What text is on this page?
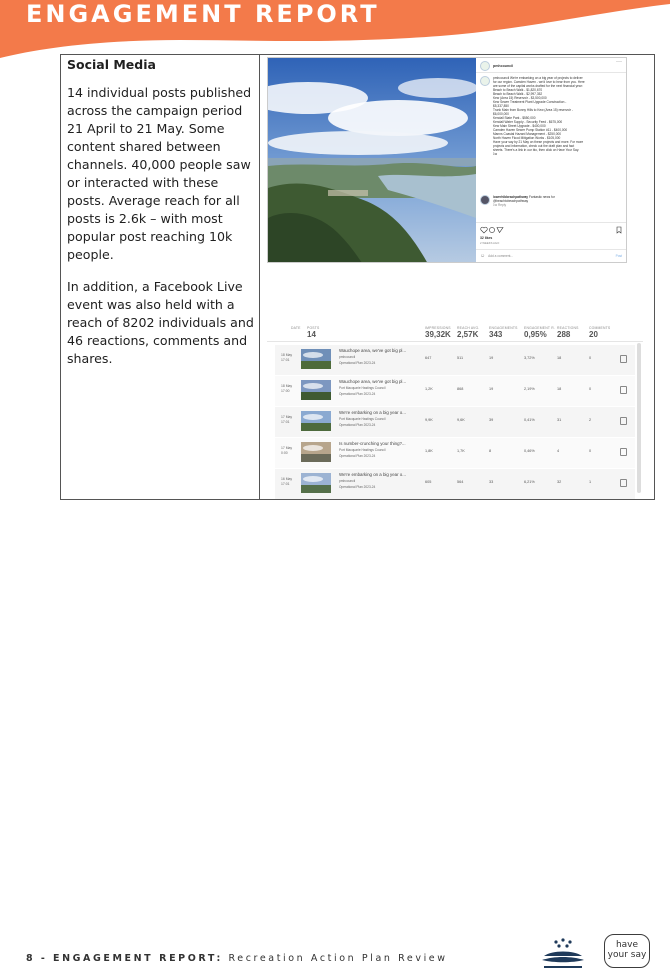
ENGAGEMENT REPORT
Social Media

14 individual posts published across the campaign period 21 April to 21 May. Some content shared between channels. 40,000 people saw or interacted with these posts. Average reach for all posts is 2.6k – with most popular post reaching 10k people.

In addition, a Facebook Live event was also held with a reach of 8202 individuals and 46 reactions, comments and shares.

pmhcouncil
···
pmhcouncil We're embarking on a big year of projects to deliver
for our region. Camden Haven - we'd love to hear from you. Here
are some of the capital works drafted for the next financial year:
Beach to Beach Walk - $1,820,670
Beach to Beach Walk - $2,997,352
Kew (Area 15) Reservoir - $3,500,000
Kew Sewer Treatment Plant Upgrade Construction -
$5,337,850
Trunk Main from Bonny Hills to Kew (Area 15) reservoir -
$6,000,000
Kendall State Park - $550,000
Kendall Water Supply - Security Feed - $675,000
Kew Main Street Upgrade - $400,000
Camden Haven Sewer Pump Station #11 - $400,000
Manns Coastal Hazard Management - $250,000
North Haven Flood Mitigation Works - $105,000
Have your say by 21 May on these projects and more. For more
projects and information, check out the draft plan and fact
sheets. There's a link in our bio, then click on Have Your Say.
1w
lowerhibbeachpathway Fantastic news for
@beachtobeachpathway
1w Reply
32 likes
2 WEEKS AGO
☺ Add a comment...	Post
DATE POSTS
14
IMPRESSIONS
39,32K
REACH AVG.
2,57K
ENGAGEMENTS
343
ENGAGEMENT R.
0,95%
REACTIONS
288
COMMENTS
20
18 May
17:01
Wauchope area, we've got big pl...
pmhcouncil
Operational Plan 2023-24
647	511	19	3,72%	18	0
18 May
17:00
Wauchope area, we've got big pl...
Port Macquarie Hastings Council
Operational Plan 2023-24
1,2K	868	19	2,19%	18	0
17 May
17:01
We're embarking on a big year o...
Port Macquarie Hastings Council
Operational Plan 2023-24
9,9K	9,6K	39	0,41%	31	2
17 May
0:00
Is number-crunching your thing?...
Port Macquarie Hastings Council
Operational Plan 2023-24
1,8K	1,7K	8	0,46%	4	0
16 May
17:01
We're embarking on a big year o...
pmhcouncil
Operational Plan 2023-24
605	564	33	6,21%	32	1
8 - ENGAGEMENT REPORT: Recreation Action Plan Review
have
your say
